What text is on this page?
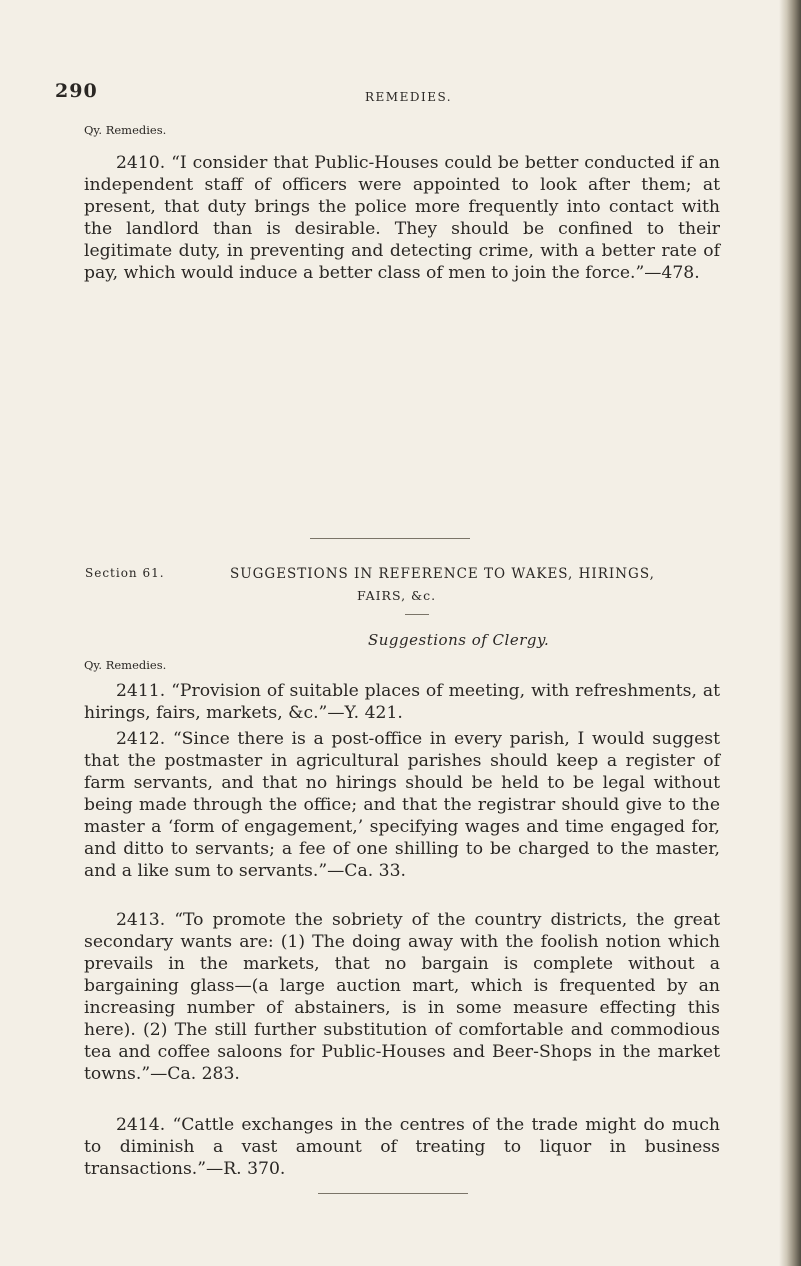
290	REMEDIES.
Qy. Remedies.

2410. “I consider that Public-Houses could be better conducted if an independent staff of officers were appointed to look after them; at present, that duty brings the police more frequently into contact with the landlord than is desirable. They should be confined to their legitimate duty, in preventing and detecting crime, with a better rate of pay, which would induce a better class of men to join the force.”—478.

Section 61.	SUGGESTIONS IN REFERENCE TO WAKES, HIRINGS,
FAIRS, &c.
Suggestions of Clergy.
Qy. Remedies.

2411. “Provision of suitable places of meeting, with refreshments, at hirings, fairs, markets, &c.”—Y. 421.

2412. “Since there is a post-office in every parish, I would suggest that the postmaster in agricultural parishes should keep a register of farm servants, and that no hirings should be held to be legal without being made through the office; and that the registrar should give to the master a ‘form of engagement,’ specifying wages and time engaged for, and ditto to servants; a fee of one shilling to be charged to the master, and a like sum to servants.”—Ca. 33.

2413. “To promote the sobriety of the country districts, the great secondary wants are: (1) The doing away with the foolish notion which prevails in the markets, that no bargain is complete without a bargaining glass—(a large auction mart, which is frequented by an increasing number of abstainers, is in some measure effecting this here). (2) The still further substitution of comfortable and commodious tea and coffee saloons for Public-Houses and Beer-Shops in the market towns.”—Ca. 283.

2414. “Cattle exchanges in the centres of the trade might do much to diminish a vast amount of treating to liquor in business transactions.”—R. 370.
